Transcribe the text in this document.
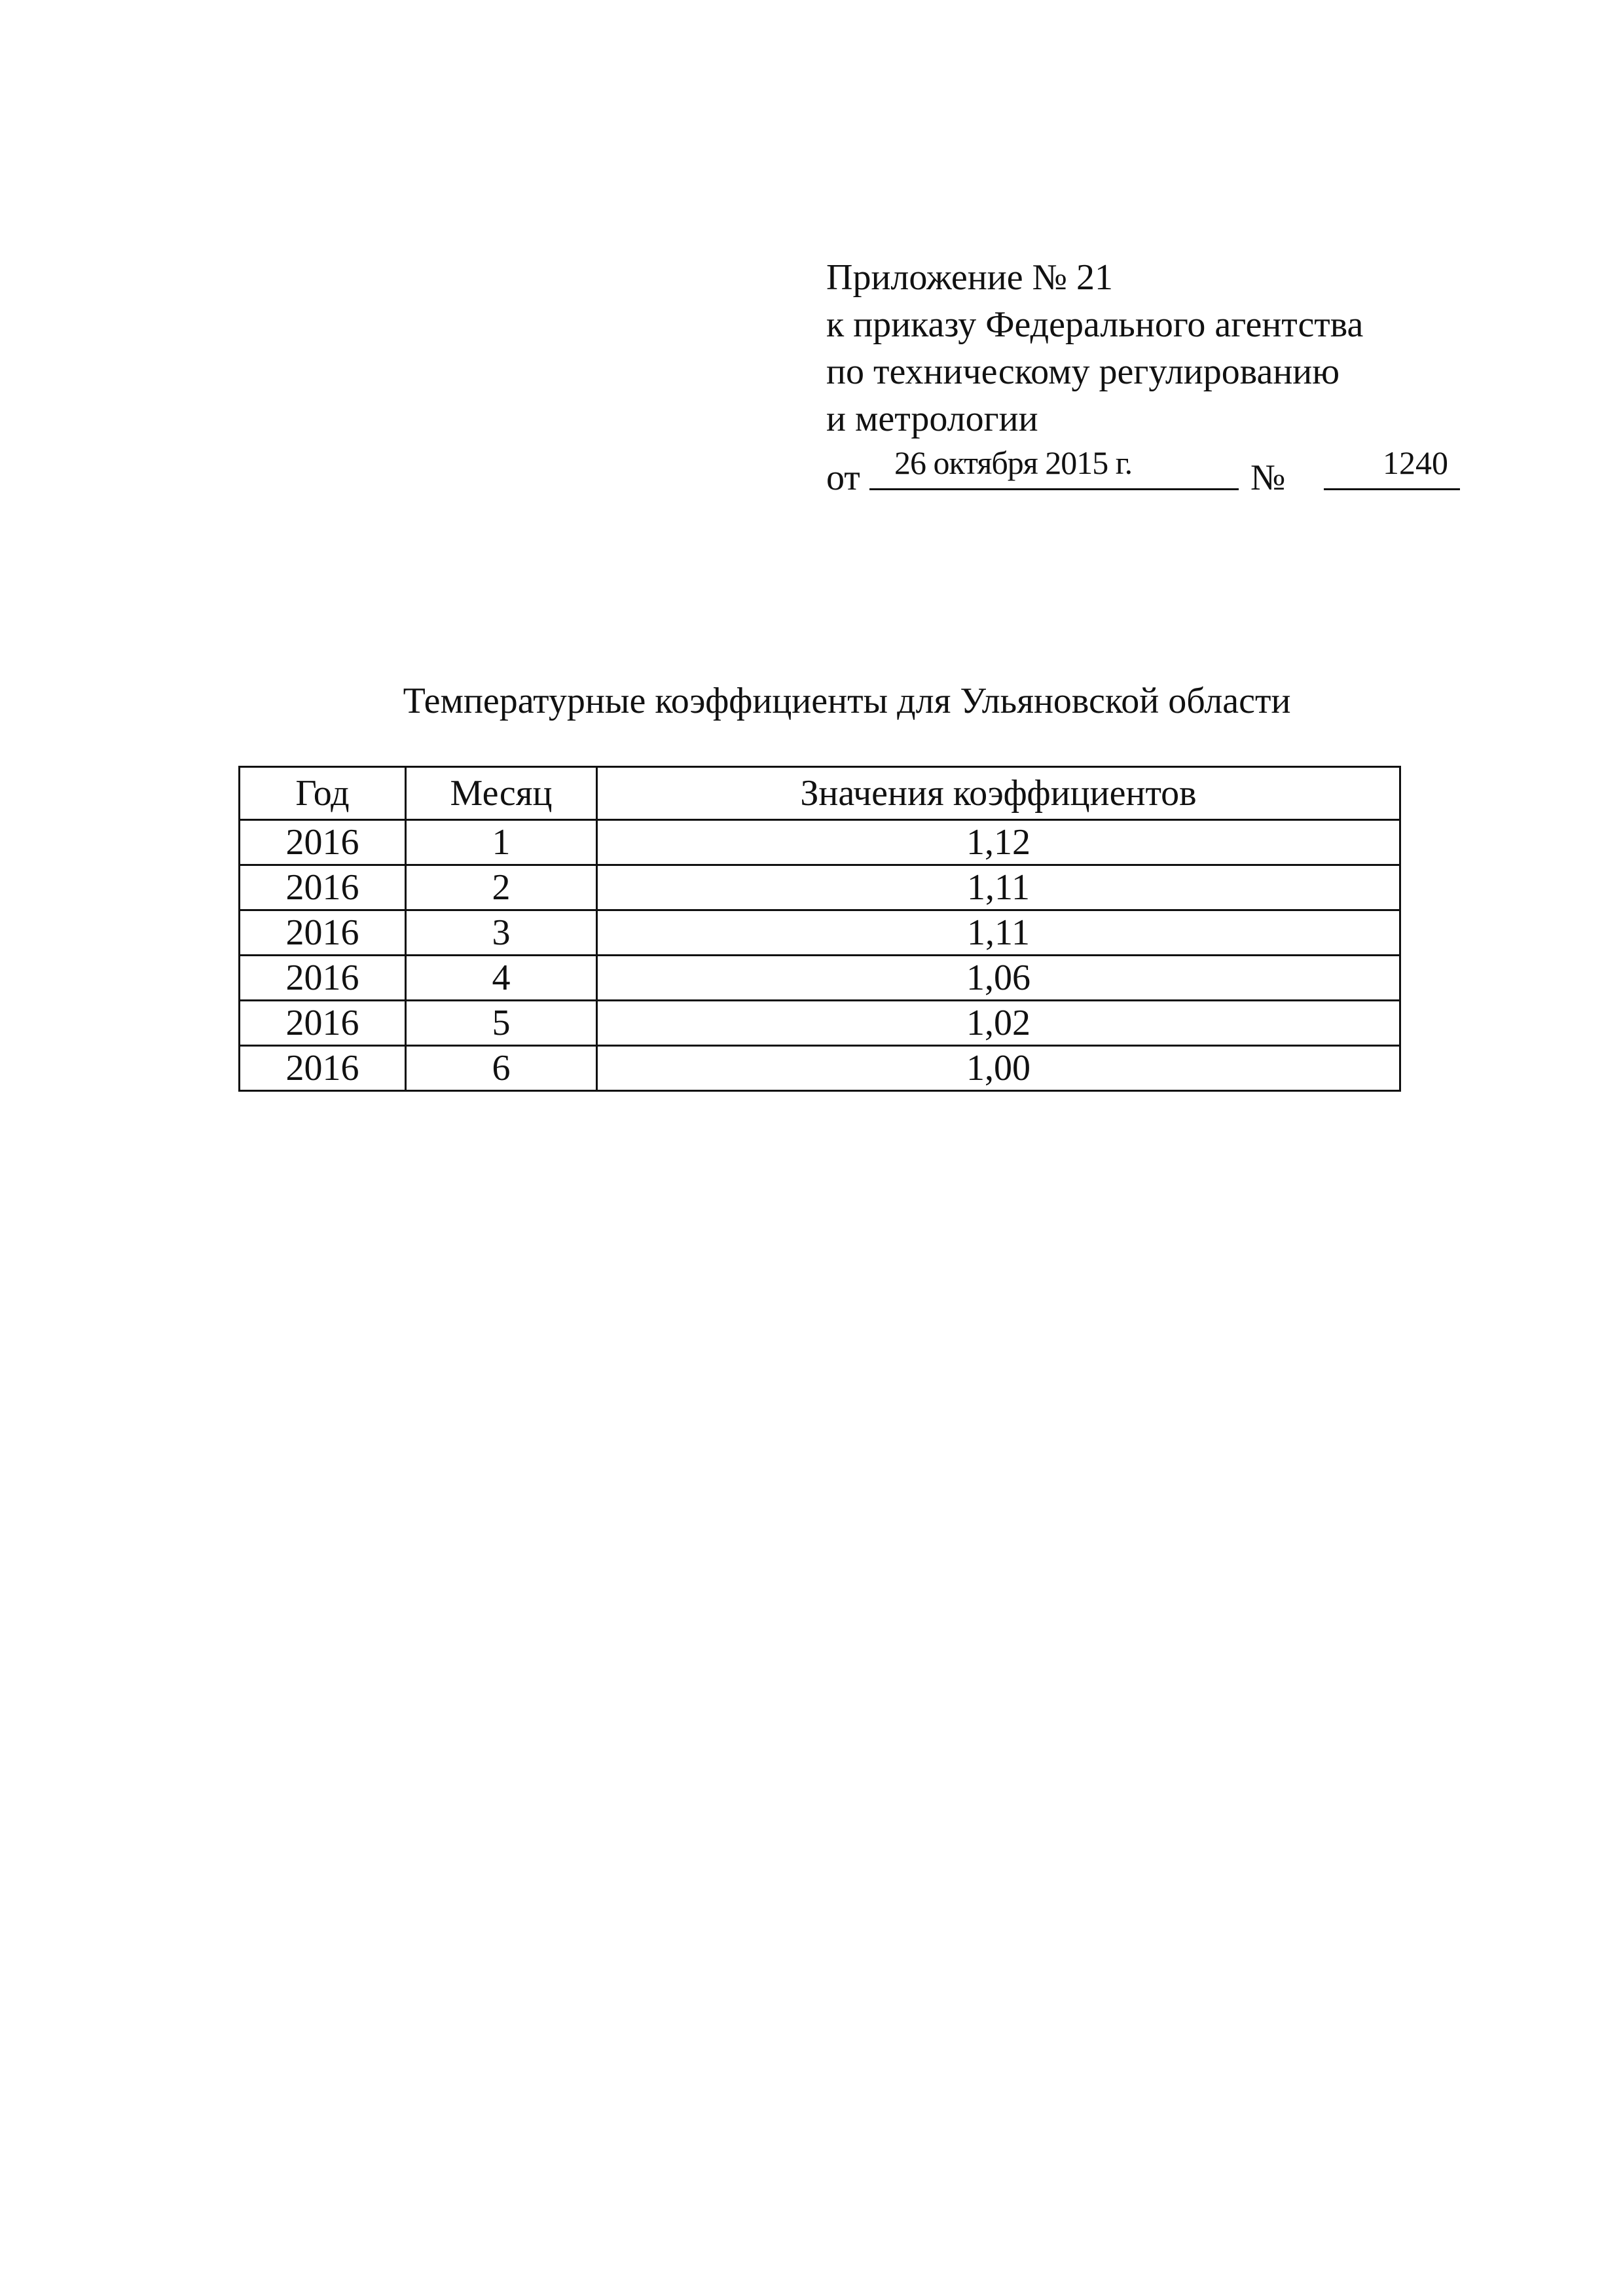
Приложение № 21
к приказу Федерального агентства
по техническому регулированию
и метрологии
от 26 октября 2015 г.	№	1240
Температурные коэффициенты для Ульяновской области
Год	Месяц	Значения коэффициентов
2016	1	1,12
2016	2	1,11
2016	3	1,11
2016	4	1,06
2016	5	1,02
2016	6	1,00
